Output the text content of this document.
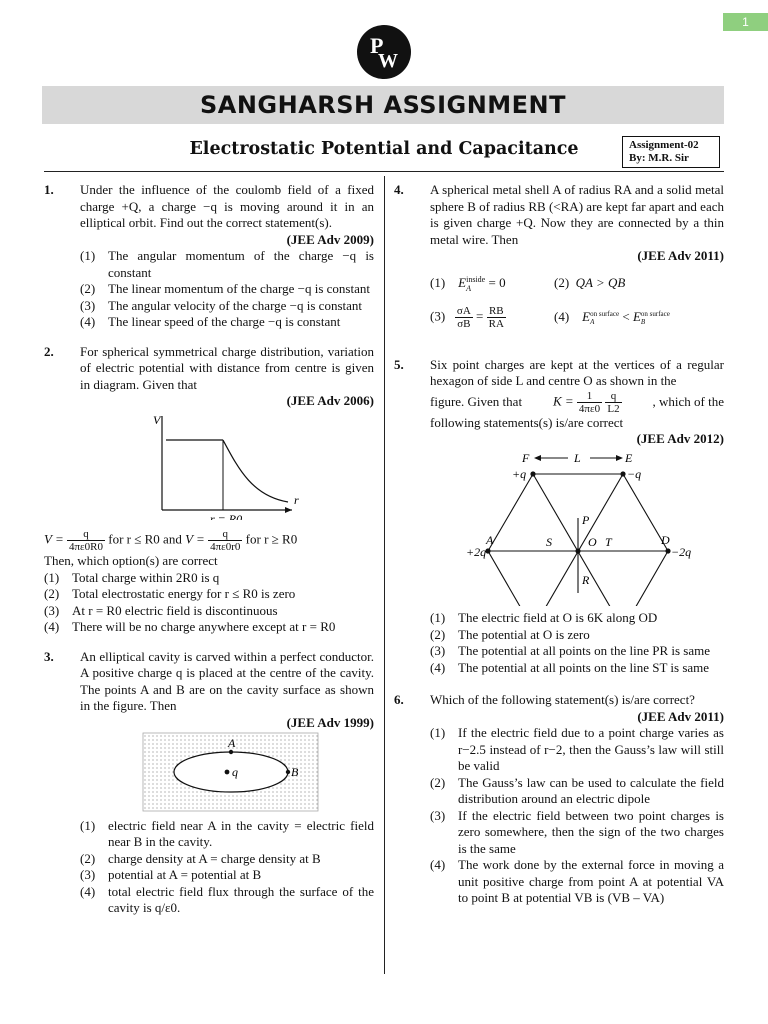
1
P
W
SANGHARSH ASSIGNMENT
Electrostatic Potential and Capacitance	Assignment-02
By: M.R. Sir
1. Under the influence of the coulomb field of a fixed charge +Q, a charge −q is moving around it in an elliptical orbit. Find out the correct statement(s).
(JEE Adv 2009)
(1) The angular momentum of the charge −q is constant
(2) The linear momentum of the charge −q is constant
(3) The angular velocity of the charge −q is constant
(4) The linear speed of the charge −q is constant
2. For spherical symmetrical charge distribution, variation of electric potential with distance from centre is given in diagram. Given that
(JEE Adv 2006)
V
r
r = R0
$V = \frac{q}{4\pi\varepsilon 0R0}$ for r ≤ R0 and $V = \frac{q}{4\pi\varepsilon 0r0}$ for r ≥ R0
Then, which option(s) are correct
(1) Total charge within 2R0 is q
(2) Total electrostatic energy for r ≤ R0 is zero
(3) At r = R0 electric field is discontinuous
(4) There will be no charge anywhere except at r = R0
3. An elliptical cavity is carved within a perfect conductor. A positive charge q is placed at the centre of the cavity. The points A and B are on the cavity surface as shown in the figure. Then
(JEE Adv 1999)
A
B
q
(1) electric field near A in the cavity = electric field near B in the cavity.
(2) charge density at A = charge density at B
(3) potential at A = potential at B
(4) total electric field flux through the surface of the cavity is q/ε0.
4. A spherical metal shell A of radius RA and a solid metal sphere B of radius RB (<RA) are kept far apart and each is given charge +Q. Now they are connected by a thin metal wire. Then
(JEE Adv 2011)
(1) E inside
A	= 0	(2) QA > QB
$(3) \frac{\sigma A}{\sigma B} = \frac{RB}{RA}$	(4) E on surface
A	< E on surface
B
5. Six point charges are kept at the vertices of a regular hexagon of side L and centre O as shown in the
figure. Given that $K = \frac{1}{4\pi\varepsilon 0}$
$\frac{q}{L2}$ , which of the
following statements(s) is/are correct
(JEE Adv 2012)
F	E
L
+q	−q
A
+2q
D
−2q
S	O T
P
R
(1) The electric field at O is 6K along OD
(2) The potential at O is zero
(3) The potential at all points on the line PR is same
(4) The potential at all points on the line ST is same
6. Which of the following statement(s) is/are correct?
(JEE Adv 2011)
(1) If the electric field due to a point charge varies as r−2.5 instead of r−2, then the Gauss’s law will still be valid
(2) The Gauss’s law can be used to calculate the field distribution around an electric dipole
(3) If the electric field between two point charges is zero somewhere, then the sign of the two charges is the same
(4) The work done by the external force in moving a unit positive charge from point A at potential VA to point B at potential VB is (VB – VA)
